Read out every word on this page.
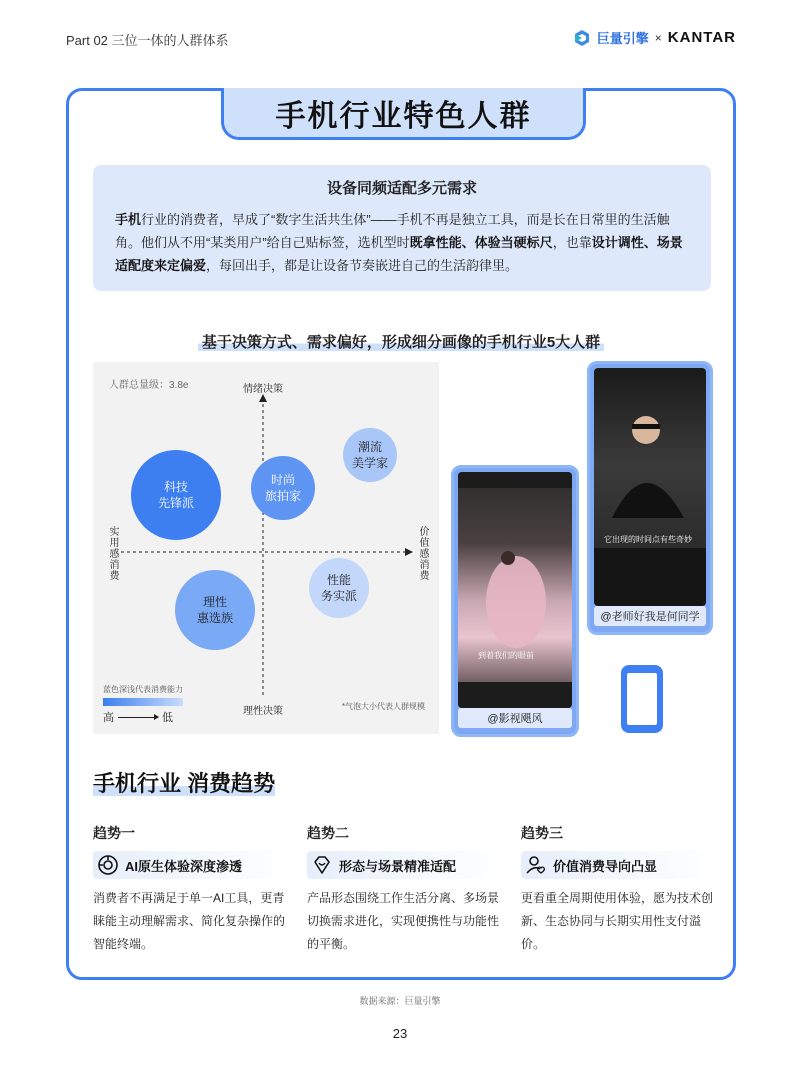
Part 02 三位一体的人群体系	巨量引擎 × KANTAR
手机行业特色人群
设备同频适配多元需求
手机行业的消费者，早成了“数字生活共生体”——手机不再是独立工具，而是长在日常里的生活触角。他们从不用“某类用户”给自己贴标签，选机型时既拿性能、体验当硬标尺，也靠设计调性、场景适配度来定偏爱，每回出手，都是让设备节奏嵌进自己的生活韵律里。
基于决策方式、需求偏好，形成细分画像的手机行业5大人群
人群总量级：3.8e	情绪决策
理性决策
实用感消费	价值感消费
科技
先锋派
时尚
旅拍家
潮流
美学家
理性
惠选族
性能
务实派
蓝色深浅代表消费能力
高	低
*气泡大小代表人群规模
到着我们的眼前
@影视飓风
它出现的时间点有些奇妙
@老师好我是何同学
手机行业 消费趋势
趋势一
AI原生体验深度渗透
消费者不再满足于单一AI工具，更青睐能主动理解需求、简化复杂操作的智能终端。
趋势二
形态与场景精准适配
产品形态围绕工作生活分离、多场景切换需求进化，实现便携性与功能性的平衡。
趋势三
价值消费导向凸显
更看重全周期使用体验，愿为技术创新、生态协同与长期实用性支付溢价。
数据来源：巨量引擎
23
